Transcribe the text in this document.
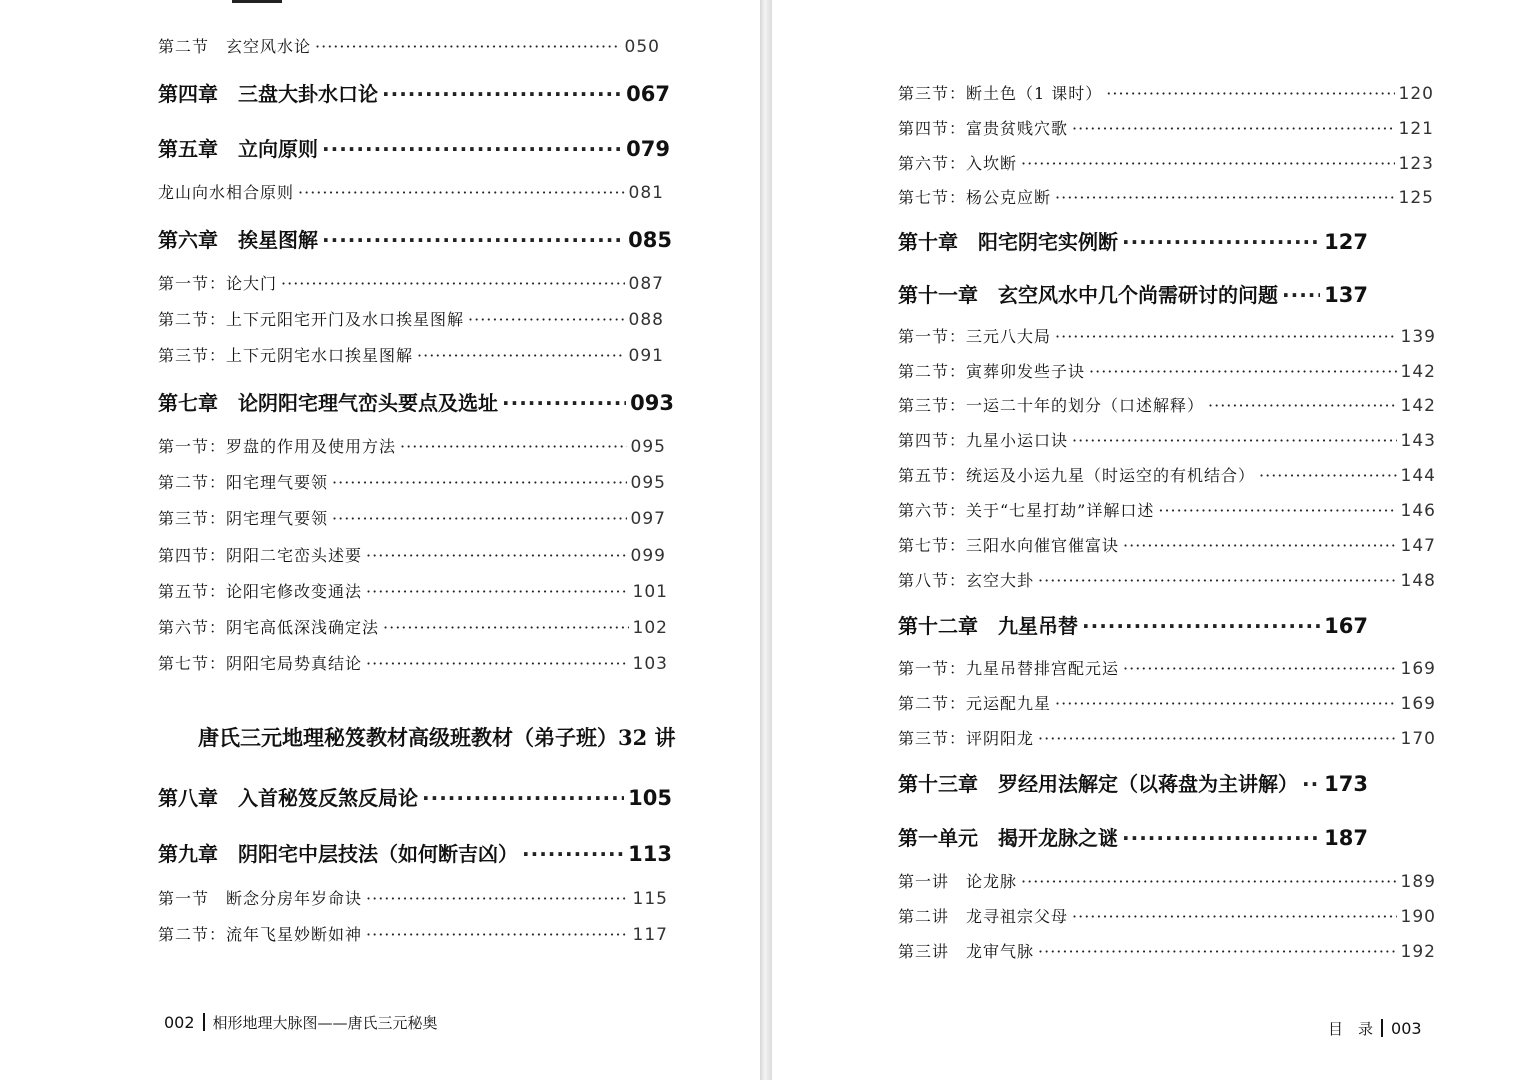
第二节　玄空风水论 ·····	050
第四章　三盘大卦水口论 ·····	067
第五章　立向原则 ·····	079
龙山向水相合原则 ·····	081
第六章　挨星图解 ·····	085
第一节：论大门 ·····	087
第二节：上下元阳宅开门及水口挨星图解 ·····	088
第三节：上下元阴宅水口挨星图解 ·····	091
第七章　论阴阳宅理气峦头要点及选址 ·····	093
第一节：罗盘的作用及使用方法 ·····	095
第二节：阳宅理气要领 ·····	095
第三节：阴宅理气要领 ·····	097
第四节：阴阳二宅峦头述要 ·····	099
第五节：论阳宅修改变通法 ·····	101
第六节：阴宅高低深浅确定法 ·····	102
第七节：阴阳宅局势真结论 ·····	103
唐氏三元地理秘笈教材高级班教材（弟子班）32 讲
第八章　入首秘笈反煞反局论 ·····	105
第九章　阴阳宅中层技法（如何断吉凶） ·····	113
第一节　断念分房年岁命诀 ·····	115
第二节：流年飞星妙断如神 ·····	117
002 相形地理大脉图——唐氏三元秘奥
第三节：断土色（1 课时） ·····	120
第四节：富贵贫贱穴歌 ·····	121
第六节：入坎断 ·····	123
第七节：杨公克应断 ·····	125
第十章　阳宅阴宅实例断 ·····	127
第十一章　玄空风水中几个尚需研讨的问题 ····· 137
第一节：三元八大局 ·····	139
第二节：寅葬卯发些子诀 ·····	142
第三节：一运二十年的划分（口述解释） ·····	142
第四节：九星小运口诀 ·····	143
第五节：统运及小运九星（时运空的有机结合） ·····	144
第六节：关于“七星打劫”详解口述 ·····	146
第七节：三阳水向催官催富诀 ·····	147
第八节：玄空大卦 ·····	148
第十二章　九星吊替 ·····	167
第一节：九星吊替排宫配元运 ·····	169
第二节：元运配九星 ·····	169
第三节：评阴阳龙 ·····	170
第十三章　罗经用法解定（以蒋盘为主讲解） ····· 173
第一单元　揭开龙脉之谜 ·····	187
第一讲　论龙脉 ·····	189
第二讲　龙寻祖宗父母 ·····	190
第三讲　龙审气脉 ·····	192
目　录 003
